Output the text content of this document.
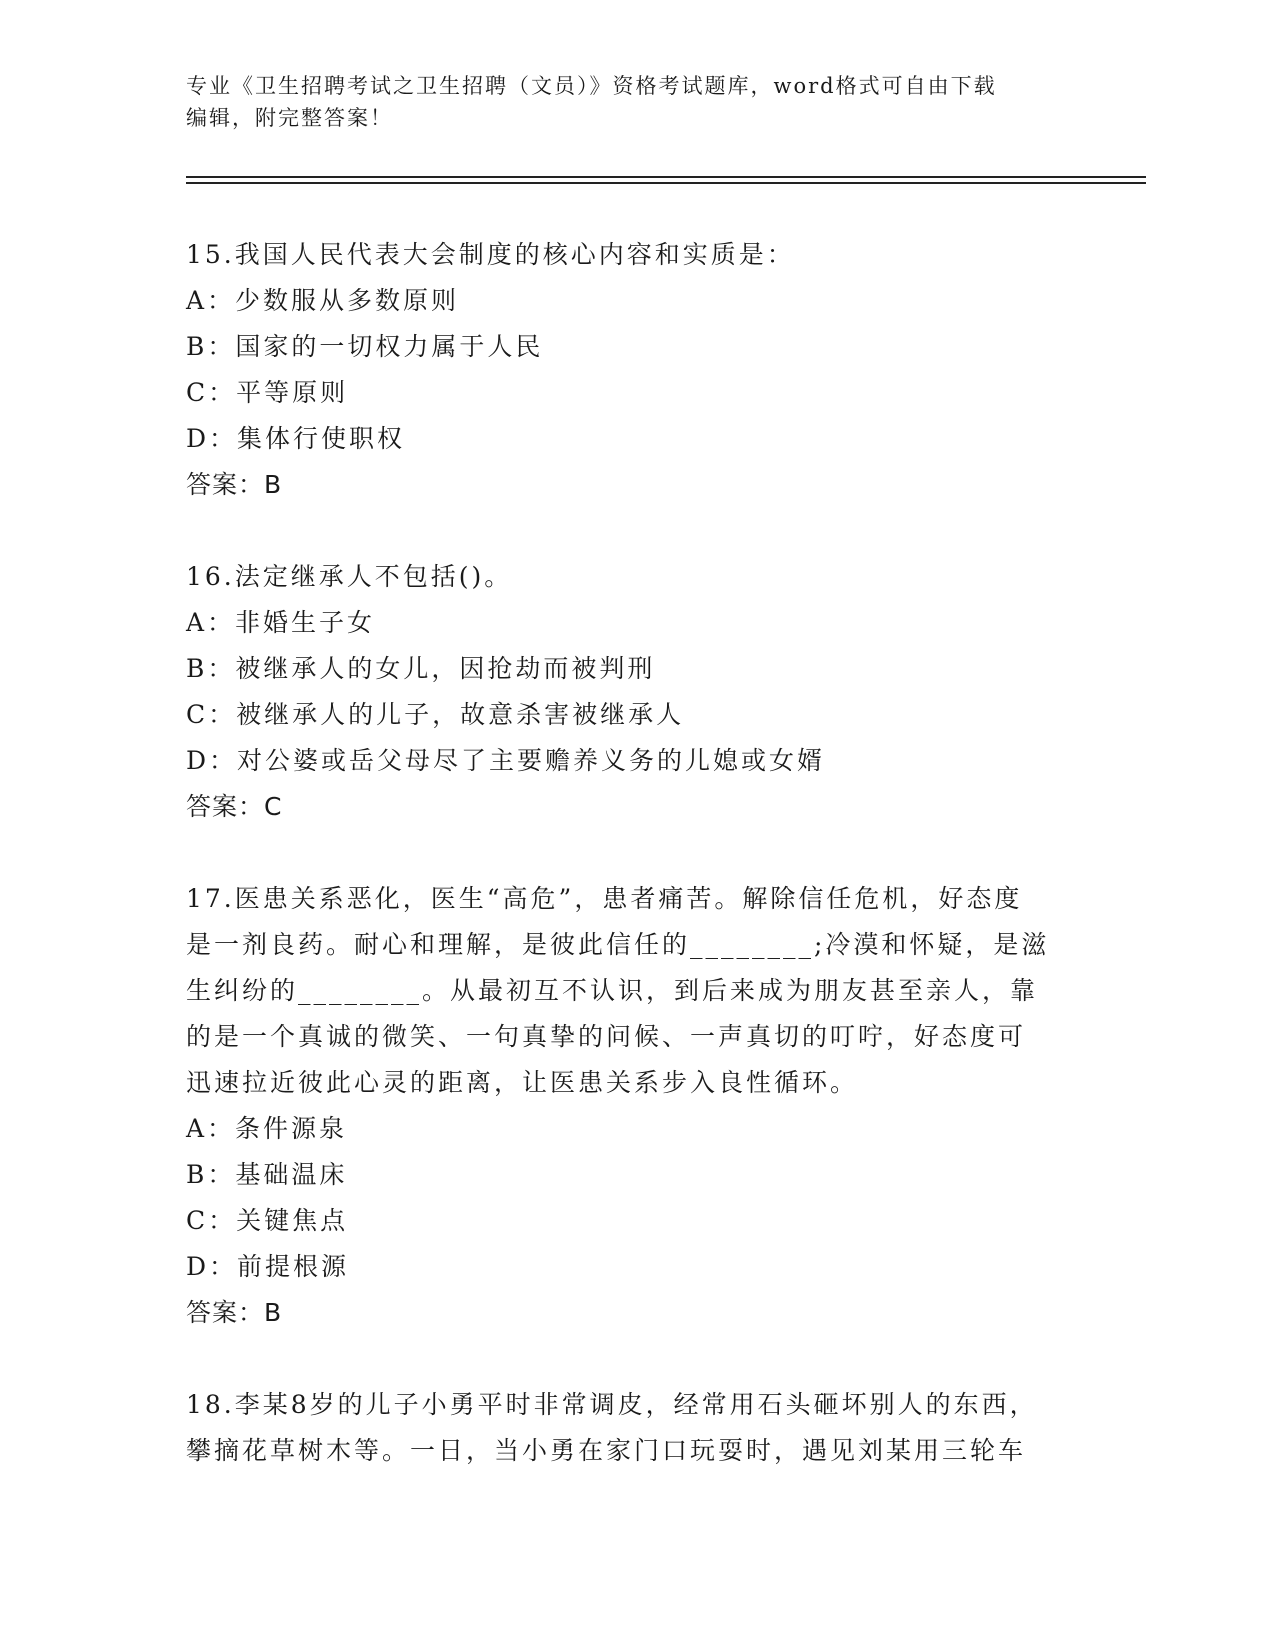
专业《卫生招聘考试之卫生招聘（文员）》资格考试题库，word格式可自由下载
编辑，附完整答案！
15.我国人民代表大会制度的核心内容和实质是：
A：少数服从多数原则
B：国家的一切权力属于人民
C：平等原则
D：集体行使职权
答案：B
16.法定继承人不包括()。
A：非婚生子女
B：被继承人的女儿，因抢劫而被判刑
C：被继承人的儿子，故意杀害被继承人
D：对公婆或岳父母尽了主要赡养义务的儿媳或女婿
答案：C
17.医患关系恶化，医生“高危”，患者痛苦。解除信任危机，好态度
是一剂良药。耐心和理解，是彼此信任的________;冷漠和怀疑，是滋
生纠纷的________。从最初互不认识，到后来成为朋友甚至亲人，靠
的是一个真诚的微笑、一句真挚的问候、一声真切的叮咛，好态度可
迅速拉近彼此心灵的距离，让医患关系步入良性循环。
A：条件源泉
B：基础温床
C：关键焦点
D：前提根源
答案：B
18.李某8岁的儿子小勇平时非常调皮，经常用石头砸坏别人的东西，
攀摘花草树木等。一日，当小勇在家门口玩耍时，遇见刘某用三轮车
